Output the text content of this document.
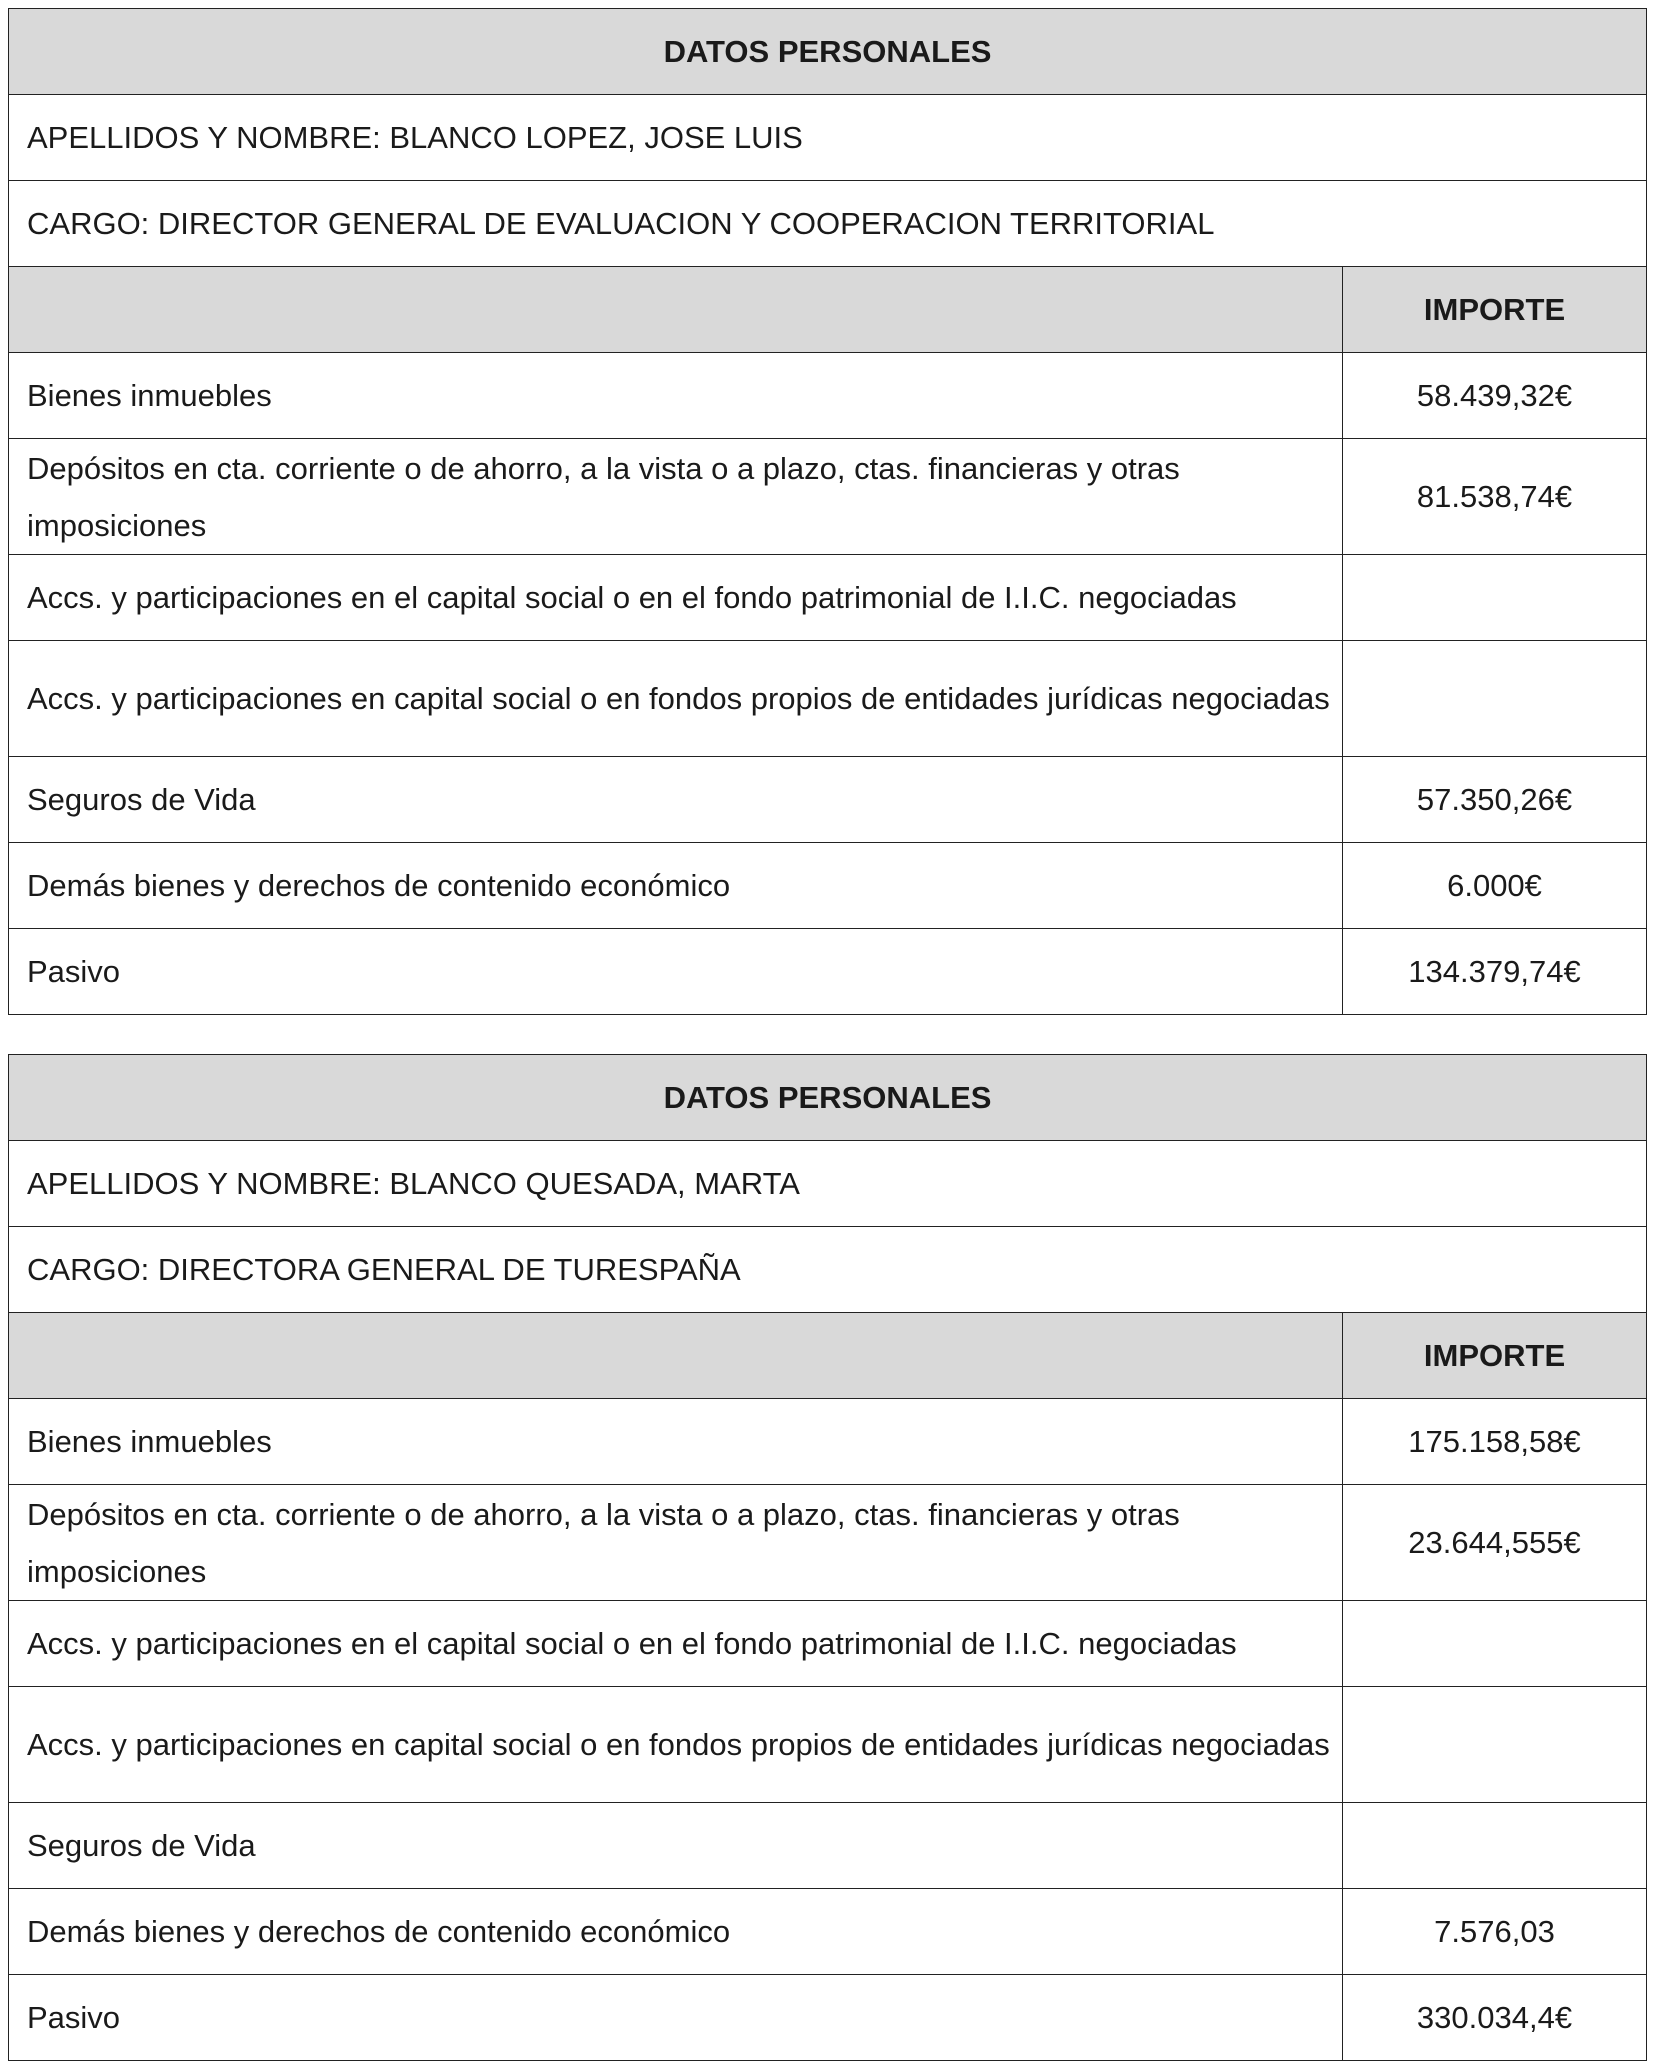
DATOS PERSONALES	
APELLIDOS Y NOMBRE: BLANCO LOPEZ, JOSE LUIS	
CARGO: DIRECTOR GENERAL DE EVALUACION Y COOPERACION TERRITORIAL	
	IMPORTE
Bienes inmuebles	58.439,32€
Depósitos en cta. corriente o de ahorro, a la vista o a plazo, ctas. financieras y otras imposiciones	81.538,74€
Accs. y participaciones en el capital social o en el fondo patrimonial de I.I.C. negociadas	
Accs. y participaciones en capital social o en fondos propios de entidades jurídicas negociadas	
Seguros de Vida	57.350,26€
Demás bienes y derechos de contenido económico	6.000€
Pasivo	134.379,74€
DATOS PERSONALES	
APELLIDOS Y NOMBRE: BLANCO QUESADA, MARTA	
CARGO: DIRECTORA GENERAL DE TURESPAÑA	
	IMPORTE
Bienes inmuebles	175.158,58€
Depósitos en cta. corriente o de ahorro, a la vista o a plazo, ctas. financieras y otras imposiciones	23.644,555€
Accs. y participaciones en el capital social o en el fondo patrimonial de I.I.C. negociadas	
Accs. y participaciones en capital social o en fondos propios de entidades jurídicas negociadas	
Seguros de Vida	
Demás bienes y derechos de contenido económico	7.576,03
Pasivo	330.034,4€
